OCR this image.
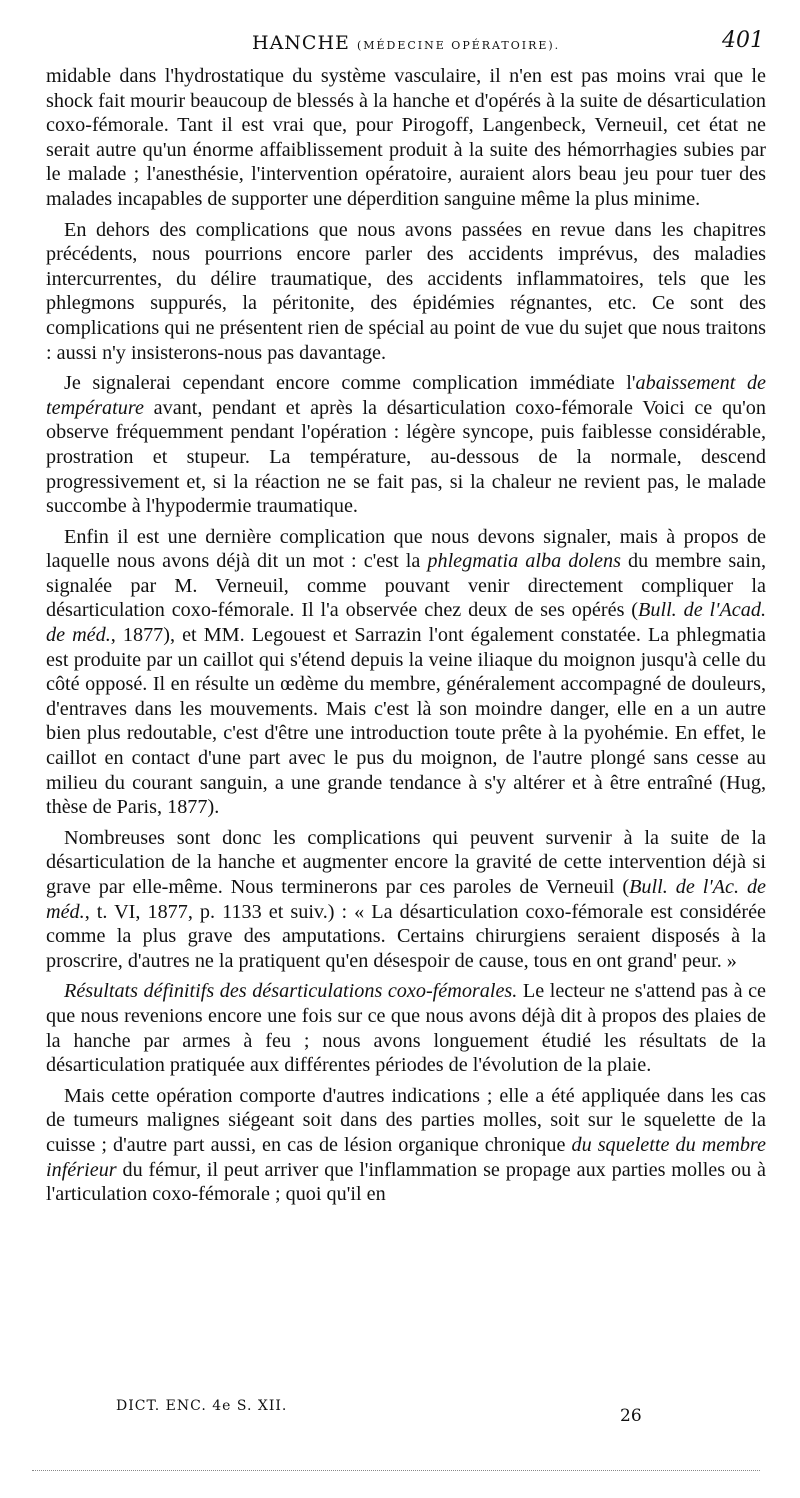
HANCHE (MÉDECINE OPÉRATOIRE).	401

midable dans l'hydrostatique du système vasculaire, il n'en est pas moins vrai que le shock fait mourir beaucoup de blessés à la hanche et d'opérés à la suite de désarticulation coxo-fémorale. Tant il est vrai que, pour Pirogoff, Langenbeck, Verneuil, cet état ne serait autre qu'un énorme affaiblissement produit à la suite des hémorrhagies subies par le malade ; l'anesthésie, l'intervention opératoire, auraient alors beau jeu pour tuer des malades incapables de supporter une déperdition sanguine même la plus minime.

En dehors des complications que nous avons passées en revue dans les chapitres précédents, nous pourrions encore parler des accidents imprévus, des maladies intercurrentes, du délire traumatique, des accidents inflammatoires, tels que les phlegmons suppurés, la péritonite, des épidémies régnantes, etc. Ce sont des complications qui ne présentent rien de spécial au point de vue du sujet que nous traitons : aussi n'y insisterons-nous pas davantage.

Je signalerai cependant encore comme complication immédiate l'abaissement de température avant, pendant et après la désarticulation coxo-fémorale Voici ce qu'on observe fréquemment pendant l'opération : légère syncope, puis faiblesse considérable, prostration et stupeur. La température, au-dessous de la normale, descend progressivement et, si la réaction ne se fait pas, si la chaleur ne revient pas, le malade succombe à l'hypodermie traumatique.

Enfin il est une dernière complication que nous devons signaler, mais à propos de laquelle nous avons déjà dit un mot : c'est la phlegmatia alba dolens du membre sain, signalée par M. Verneuil, comme pouvant venir directement compliquer la désarticulation coxo-fémorale. Il l'a observée chez deux de ses opérés (Bull. de l'Acad. de méd., 1877), et MM. Legouest et Sarrazin l'ont également constatée. La phlegmatia est produite par un caillot qui s'étend depuis la veine iliaque du moignon jusqu'à celle du côté opposé. Il en résulte un œdème du membre, généralement accompagné de douleurs, d'entraves dans les mouvements. Mais c'est là son moindre danger, elle en a un autre bien plus redoutable, c'est d'être une introduction toute prête à la pyohémie. En effet, le caillot en contact d'une part avec le pus du moignon, de l'autre plongé sans cesse au milieu du courant sanguin, a une grande tendance à s'y altérer et à être entraîné (Hug, thèse de Paris, 1877).

Nombreuses sont donc les complications qui peuvent survenir à la suite de la désarticulation de la hanche et augmenter encore la gravité de cette intervention déjà si grave par elle-même. Nous terminerons par ces paroles de Verneuil (Bull. de l'Ac. de méd., t. VI, 1877, p. 1133 et suiv.) : « La désarticulation coxo-fémorale est considérée comme la plus grave des amputations. Certains chirurgiens seraient disposés à la proscrire, d'autres ne la pratiquent qu'en désespoir de cause, tous en ont grand' peur. »

Résultats définitifs des désarticulations coxo-fémorales. Le lecteur ne s'attend pas à ce que nous revenions encore une fois sur ce que nous avons déjà dit à propos des plaies de la hanche par armes à feu ; nous avons longuement étudié les résultats de la désarticulation pratiquée aux différentes périodes de l'évolution de la plaie.

Mais cette opération comporte d'autres indications ; elle a été appliquée dans les cas de tumeurs malignes siégeant soit dans des parties molles, soit sur le squelette de la cuisse ; d'autre part aussi, en cas de lésion organique chronique du squelette du membre inférieur du fémur, il peut arriver que l'inflammation se propage aux parties molles ou à l'articulation coxo-fémorale ; quoi qu'il en

DICT. ENC. 4e S. XII.	26
